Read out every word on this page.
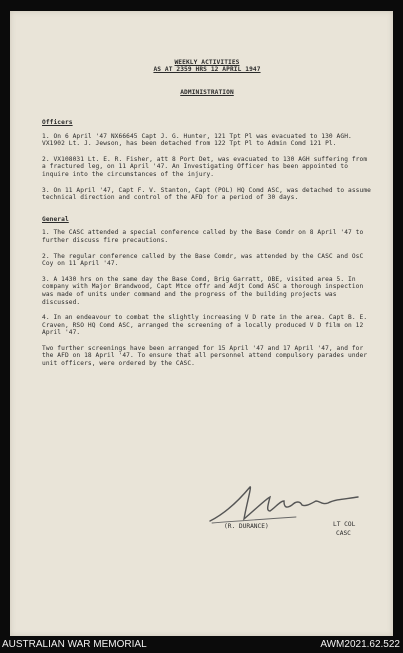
WEEKLY ACTIVITIES
AS AT 2359 HRS 12 APRIL 1947
ADMINISTRATION
Officers

1. On 6 April '47 NX66645 Capt J. G. Hunter, 121 Tpt Pl was evacuated to 130 AGH. VX1902 Lt. J. Jewson, has been detached from 122 Tpt Pl to Admin Comd 121 Pl.

2. VX108031 Lt. E. R. Fisher, att 8 Port Det, was evacuated to 130 AGH suffering from a fractured leg, on 11 April '47. An Investigating Officer has been appointed to inquire into the circumstances of the injury.

3. On 11 April '47, Capt F. V. Stanton, Capt (POL) HQ Comd ASC, was detached to assume technical direction and control of the AFD for a period of 30 days.

General

1. The CASC attended a special conference called by the Base Comdr on 8 April '47 to further discuss fire precautions.

2. The regular conference called by the Base Comdr, was attended by the CASC and OsC Coy on 11 April '47.

3. A 1430 hrs on the same day the Base Comd, Brig Garratt, OBE, visited area 5. In company with Major Brandwood, Capt Mtce offr and Adjt Comd ASC a thorough inspection was made of units under command and the progress of the building projects was discussed.

4. In an endeavour to combat the slightly increasing V D rate in the area. Capt B. E. Craven, RSO HQ Comd ASC, arranged the screening of a locally produced V D film on 12 April '47.

Two further screenings have been arranged for 15 April '47 and 17 April '47, and for the AFD on 18 April '47. To ensure that all personnel attend compulsory parades under unit officers, were ordered by the CASC.

(R. DURANCE)	LT COL
CASC
AUSTRALIAN WAR MEMORIAL	AWM2021.62.522
